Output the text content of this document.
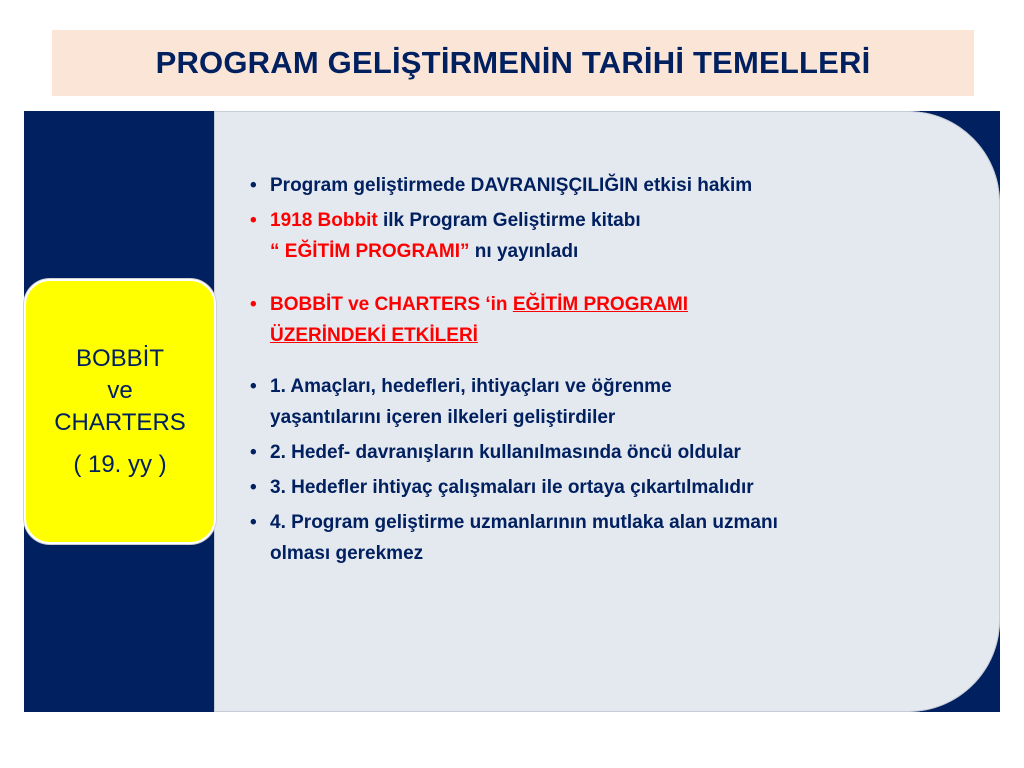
PROGRAM GELİŞTİRMENİN TARİHİ TEMELLERİ
BOBBİT
ve
CHARTERS
( 19. yy )
• Program geliştirmede DAVRANIŞÇILIĞIN etkisi hakim
• 1918 Bobbit ilk Program Geliştirme kitabı
“ EĞİTİM PROGRAMI” nı yayınladı
• BOBBİT ve CHARTERS ‘in EĞİTİM PROGRAMI
ÜZERİNDEKİ ETKİLERİ
• 1. Amaçları, hedefleri, ihtiyaçları ve öğrenme
yaşantılarını içeren ilkeleri geliştirdiler
• 2. Hedef- davranışların kullanılmasında öncü oldular
• 3. Hedefler ihtiyaç çalışmaları ile ortaya çıkartılmalıdır
• 4. Program geliştirme uzmanlarının mutlaka alan uzmanı
olması gerekmez
